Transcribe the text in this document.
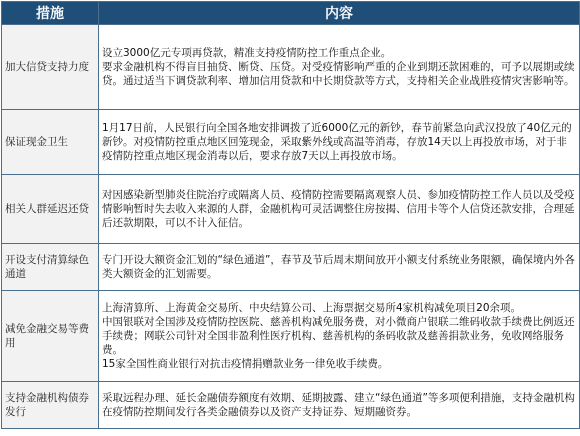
措施	内容
加大信贷支持力度	设立3000亿元专项再贷款，精准支持疫情防控工作重点企业。

要求金融机构不得盲目抽贷、断贷、压贷。对受疫情影响严重的企业到期还款困难的，可予以展期或续贷。通过适当下调贷款利率、增加信用贷款和中长期贷款等方式，支持相关企业战胜疫情灾害影响等。

保证现金卫生	1月17日前，人民银行向全国各地安排调拨了近6000亿元的新钞，春节前紧急向武汉投放了40亿元的新钞。对疫情防控重点地区回笼现金，采取紫外线或高温等消毒，存放14天以上再投放市场，对于非疫情防控重点地区现金消毒以后，要求存放7天以上再投放市场。

相关人群延迟还贷	对因感染新型肺炎住院治疗或隔离人员、疫情防控需要隔离观察人员、参加疫情防控工作人员以及受疫情影响暂时失去收入来源的人群，金融机构可灵活调整住房按揭、信用卡等个人信贷还款安排，合理延后还款期限，可以不计入征信。

开设支付清算绿色通道	专门开设大额资金汇划的“绿色通道”，春节及节后周末期间放开小额支付系统业务限额，确保境内外各类大额资金的汇划需要。

减免金融交易等费用	上海清算所、上海黄金交易所、中央结算公司、上海票据交易所4家机构减免项目20余项。

中国银联对全国涉及疫情防控医院、慈善机构减免服务费，对小微商户银联二维码收款手续费比例返还手续费；网联公司针对全国非盈利性医疗机构、慈善机构的条码收款及慈善捐款业务，免收网络服务费。

15家全国性商业银行对抗击疫情捐赠款业务一律免收手续费。

支持金融机构债券发行	采取远程办理、延长金融债券额度有效期、延期披露、建立“绿色通道”等多项便利措施，支持金融机构在疫情防控期间发行各类金融债券以及资产支持证券、短期融资券。
